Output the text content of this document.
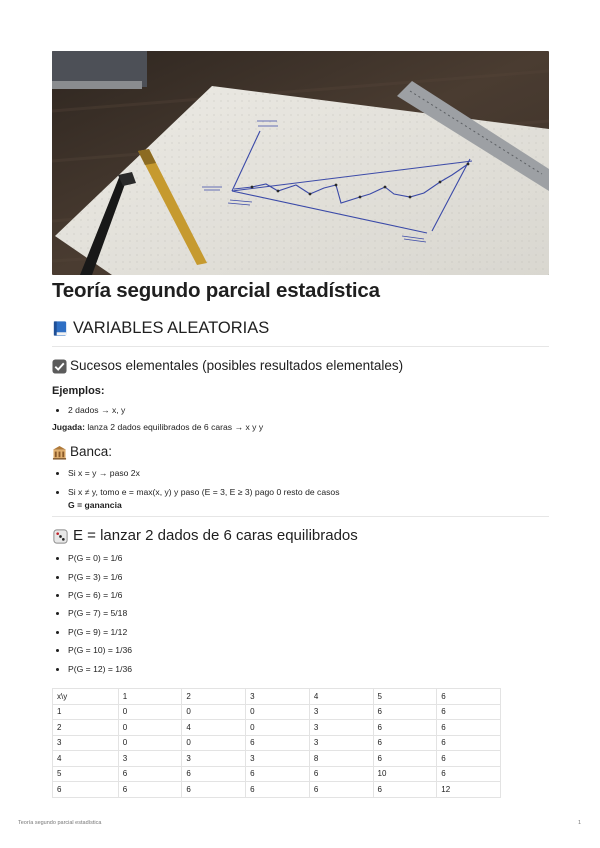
Teoría segundo parcial estadística
VARIABLES ALEATORIAS
Sucesos elementales (posibles resultados elementales)
Ejemplos:
• 2 dados → x, y
Jugada: lanza 2 dados equilibrados de 6 caras → x y y
Banca:
• Si x = y → paso 2x
• Si x ≠ y, tomo e = max(x, y) y paso (E = 3, E ≥ 3) pago 0 resto de casos
G = ganancia
E = lanzar 2 dados de 6 caras equilibrados
• P(G = 0) = 1/6
• P(G = 3) = 1/6
• P(G = 6) = 1/6
• P(G = 7) = 5/18
• P(G = 9) = 1/12
• P(G = 10) = 1/36
• P(G = 12) = 1/36
x\y	1	2	3	4	5	6
1	0	0	0	3	6	6
2	0	4	0	3	6	6
3	0	0	6	3	6	6
4	3	3	3	8	6	6
5	6	6	6	6	10	6
6	6	6	6	6	6	12
Teoría segundo parcial estadística	1
